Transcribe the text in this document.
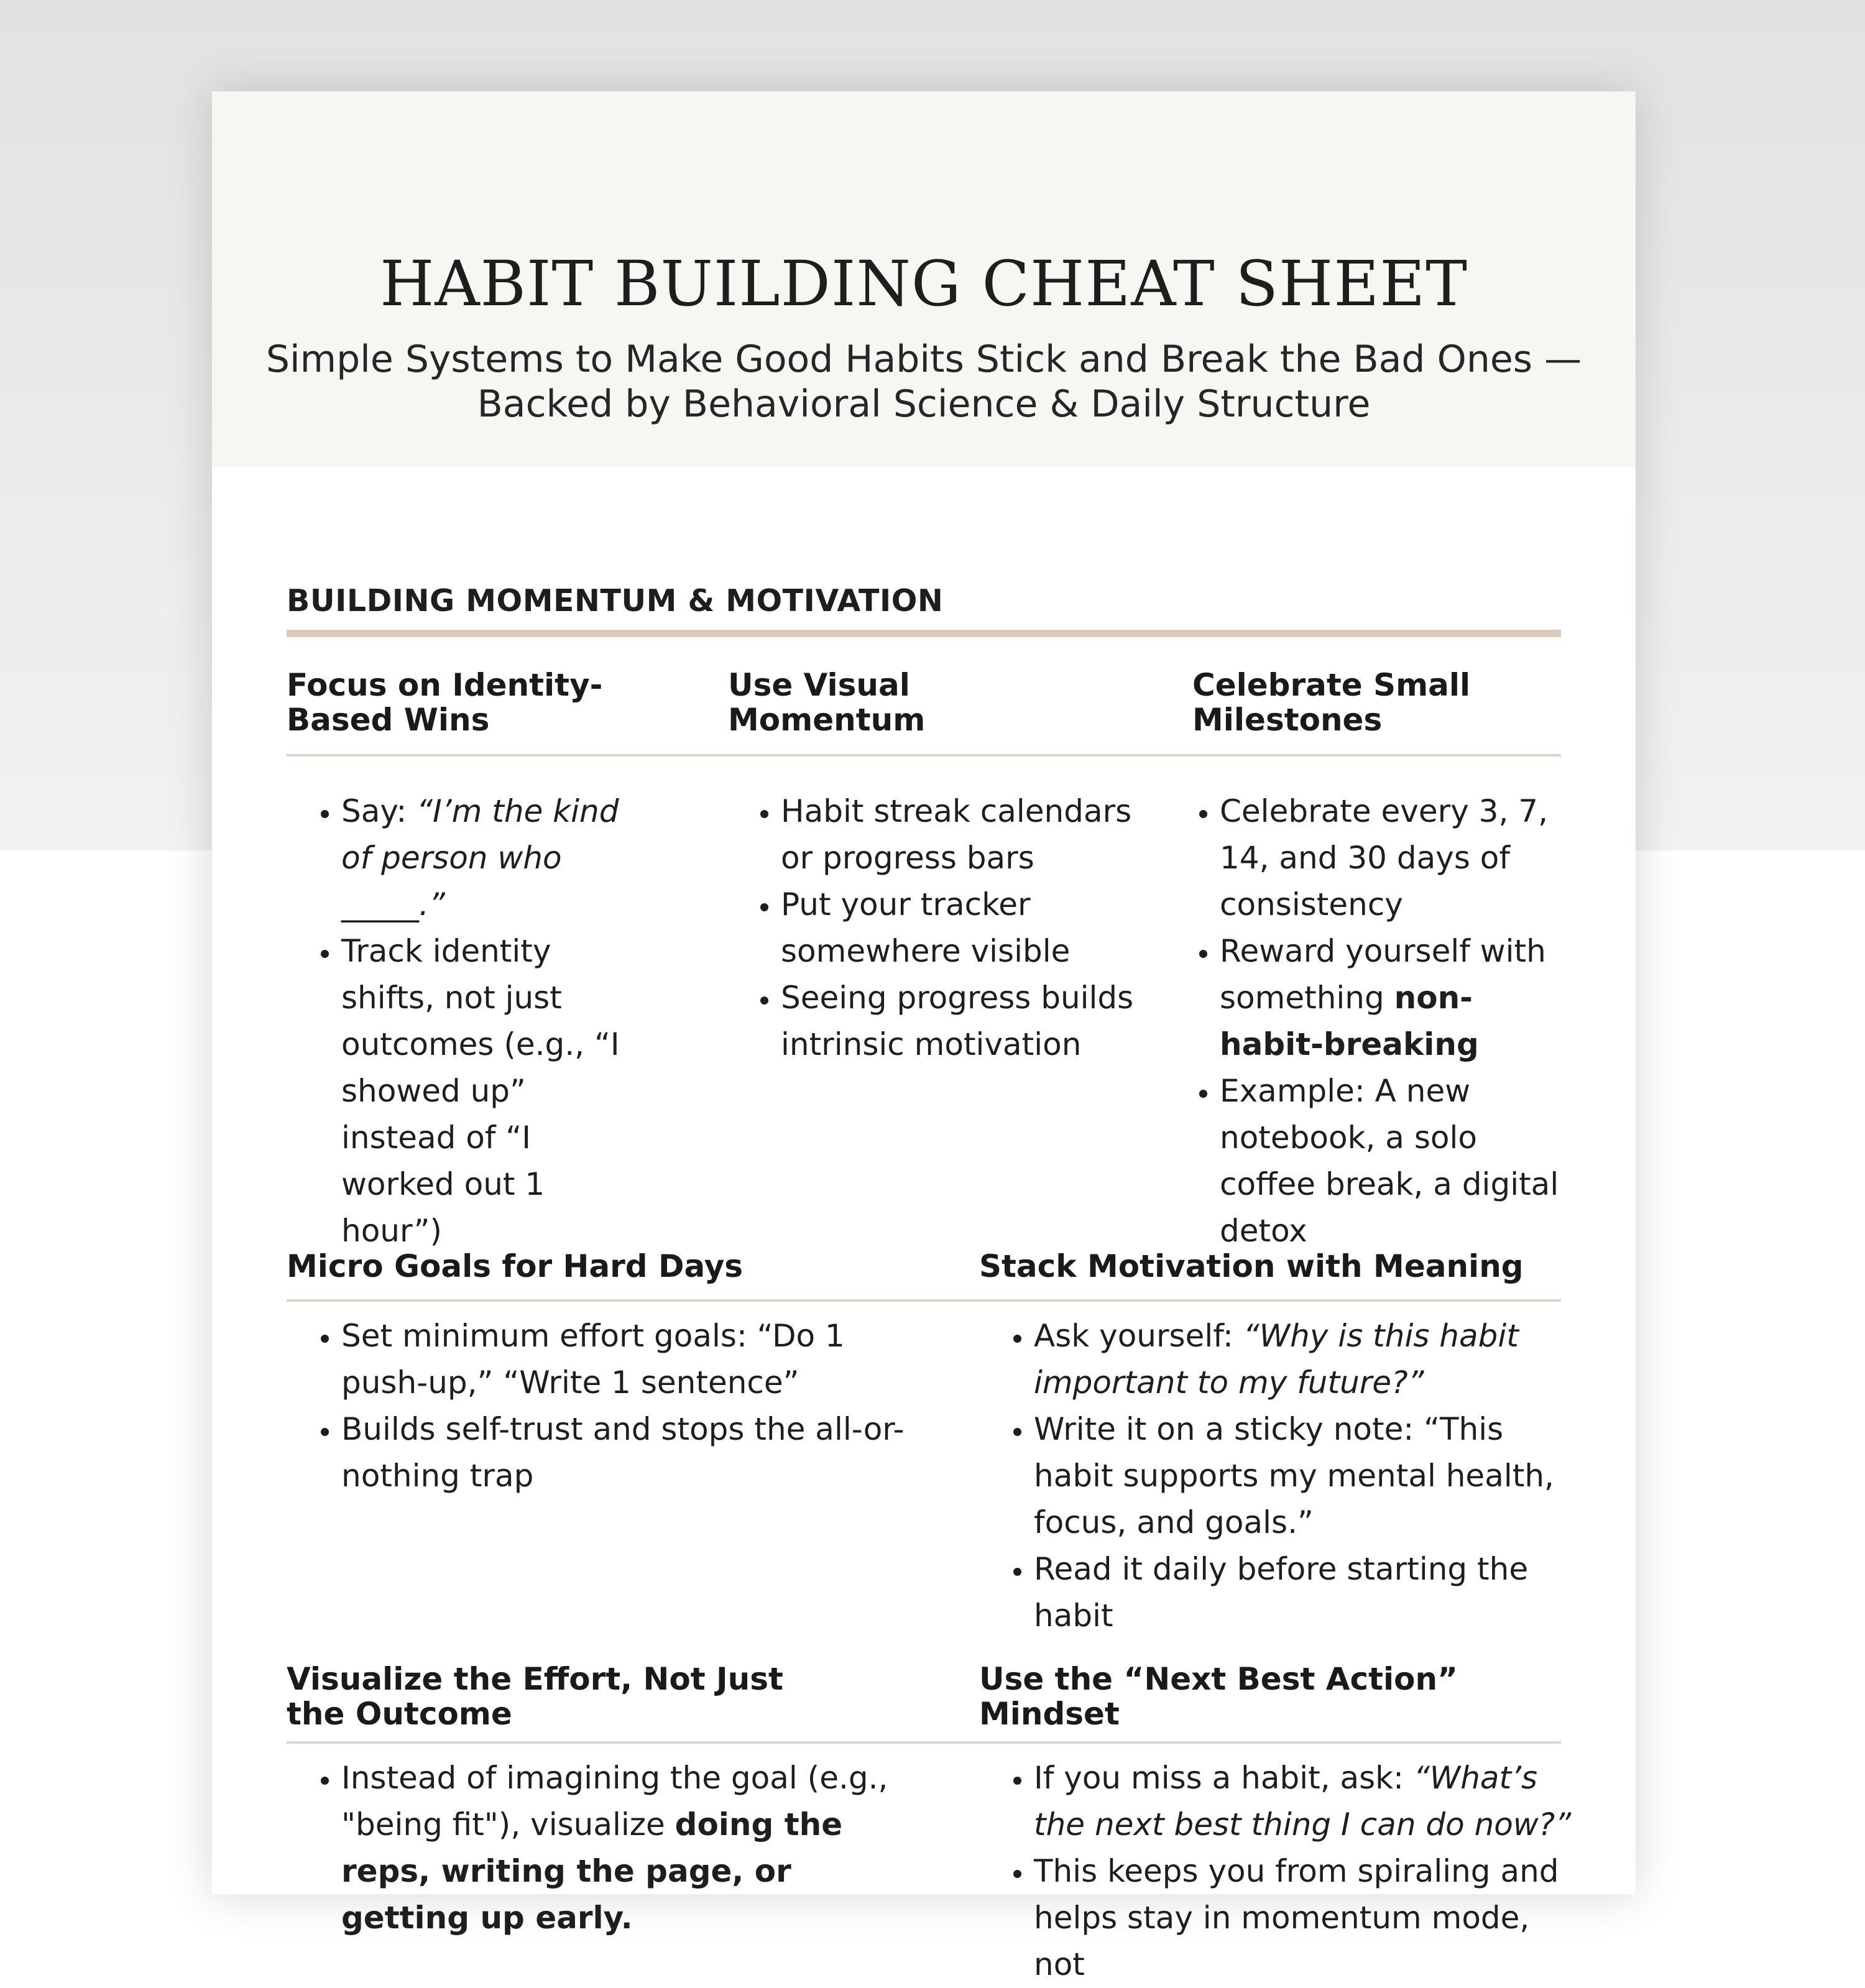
HABIT BUILDING CHEAT SHEET
Simple Systems to Make Good Habits Stick and Break the Bad Ones —
Backed by Behavioral Science & Daily Structure
BUILDING MOMENTUM & MOTIVATION
Focus on Identity-
Based Wins
Use Visual
Momentum
Celebrate Small
Milestones
• Say: “I’m the kind of person who _____.”
• Track identity shifts, not just outcomes (e.g., “I showed up” instead of “I worked out 1 hour”)
• Habit streak calendars or progress bars
• Put your tracker somewhere visible
• Seeing progress builds intrinsic motivation
• Celebrate every 3, 7, 14, and 30 days of consistency
• Reward yourself with something non-habit-breaking
• Example: A new notebook, a solo coffee break, a digital detox
Micro Goals for Hard Days	Stack Motivation with Meaning
• Set minimum effort goals: “Do 1 push-up,” “Write 1 sentence”
• Builds self-trust and stops the all-or-nothing trap
• Ask yourself: “Why is this habit important to my future?”
• Write it on a sticky note: “This habit supports my mental health, focus, and goals.”
• Read it daily before starting the habit
Visualize the Effort, Not Just
the Outcome
Use the “Next Best Action”
Mindset
• Instead of imagining the goal (e.g., "being fit"), visualize doing the reps, writing the page, or getting up early.
• If you miss a habit, ask: “What’s the next best thing I can do now?”
• This keeps you from spiraling and helps stay in momentum mode, not
